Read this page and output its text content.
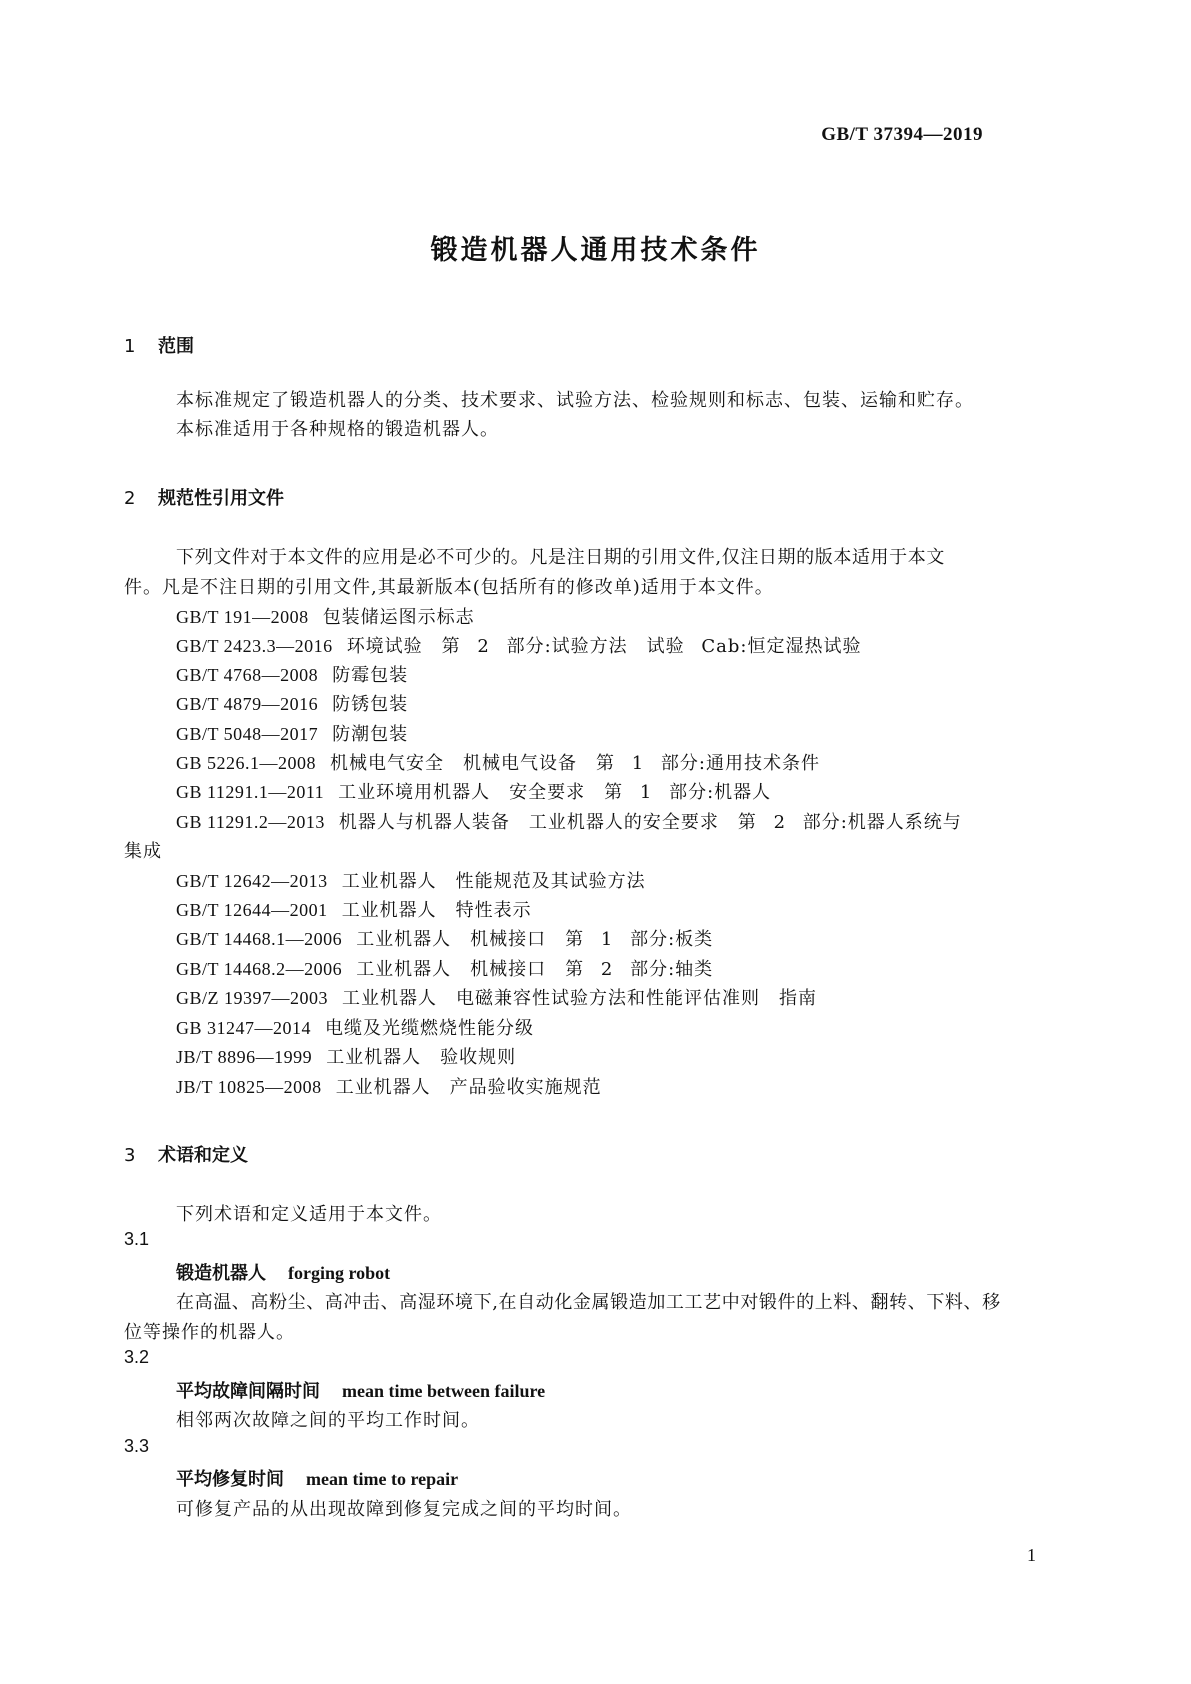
GB/T 37394—2019
锻造机器人通用技术条件
1 范围
本标准规定了锻造机器人的分类、技术要求、试验方法、检验规则和标志、包装、运输和贮存。
本标准适用于各种规格的锻造机器人。
2 规范性引用文件
下列文件对于本文件的应用是必不可少的。凡是注日期的引用文件,仅注日期的版本适用于本文
件。凡是不注日期的引用文件,其最新版本(包括所有的修改单)适用于本文件。
GB/T 191—2008 包装储运图示标志
GB/T 2423.3—2016 环境试验　第 2 部分:试验方法　试验 Cab:恒定湿热试验
GB/T 4768—2008 防霉包装
GB/T 4879—2016 防锈包装
GB/T 5048—2017 防潮包装
GB 5226.1—2008 机械电气安全　机械电气设备　第 1 部分:通用技术条件
GB 11291.1—2011 工业环境用机器人　安全要求　第 1 部分:机器人
GB 11291.2—2013 机器人与机器人装备　工业机器人的安全要求　第 2 部分:机器人系统与
集成
GB/T 12642—2013 工业机器人　性能规范及其试验方法
GB/T 12644—2001 工业机器人　特性表示
GB/T 14468.1—2006 工业机器人　机械接口　第 1 部分:板类
GB/T 14468.2—2006 工业机器人　机械接口　第 2 部分:轴类
GB/Z 19397—2003 工业机器人　电磁兼容性试验方法和性能评估准则　指南
GB 31247—2014 电缆及光缆燃烧性能分级
JB/T 8896—1999 工业机器人　验收规则
JB/T 10825—2008 工业机器人　产品验收实施规范
3 术语和定义
下列术语和定义适用于本文件。
3.1
锻造机器人 forging robot
在高温、高粉尘、高冲击、高湿环境下,在自动化金属锻造加工工艺中对锻件的上料、翻转、下料、移
位等操作的机器人。
3.2
平均故障间隔时间 mean time between failure
相邻两次故障之间的平均工作时间。
3.3
平均修复时间 mean time to repair
可修复产品的从出现故障到修复完成之间的平均时间。
1
